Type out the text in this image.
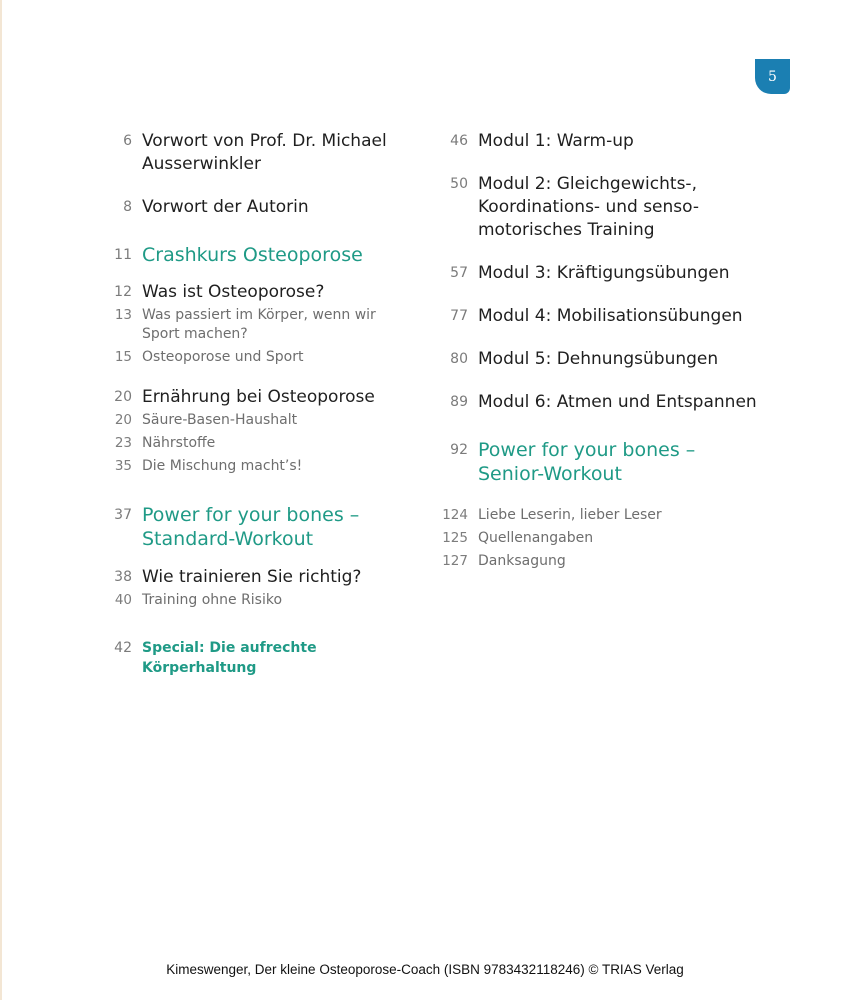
5
6 Vorwort von Prof. Dr. Michael
Ausserwinkler
8 Vorwort der Autorin
11 Crashkurs Osteoporose
12 Was ist Osteoporose?
13 Was passiert im Körper, wenn wir
Sport machen?
15 Osteoporose und Sport
20 Ernährung bei Osteoporose
20 Säure-Basen-Haushalt
23 Nährstoffe
35 Die Mischung macht’s!
37 Power for your bones –
Standard-Workout
38 Wie trainieren Sie richtig?
40 Training ohne Risiko
42 Special: Die aufrechte Körperhaltung
46 Modul 1: Warm-up
50 Modul 2: Gleichgewichts-,
Koordinations- und senso-
motorisches Training
57 Modul 3: Kräftigungsübungen
77 Modul 4: Mobilisationsübungen
80 Modul 5: Dehnungsübungen
89 Modul 6: Atmen und Entspannen
92 Power for your bones –
Senior-Workout
124 Liebe Leserin, lieber Leser
125 Quellenangaben
127 Danksagung
Kimeswenger, Der kleine Osteoporose-Coach (ISBN 9783432118246) © TRIAS Verlag
